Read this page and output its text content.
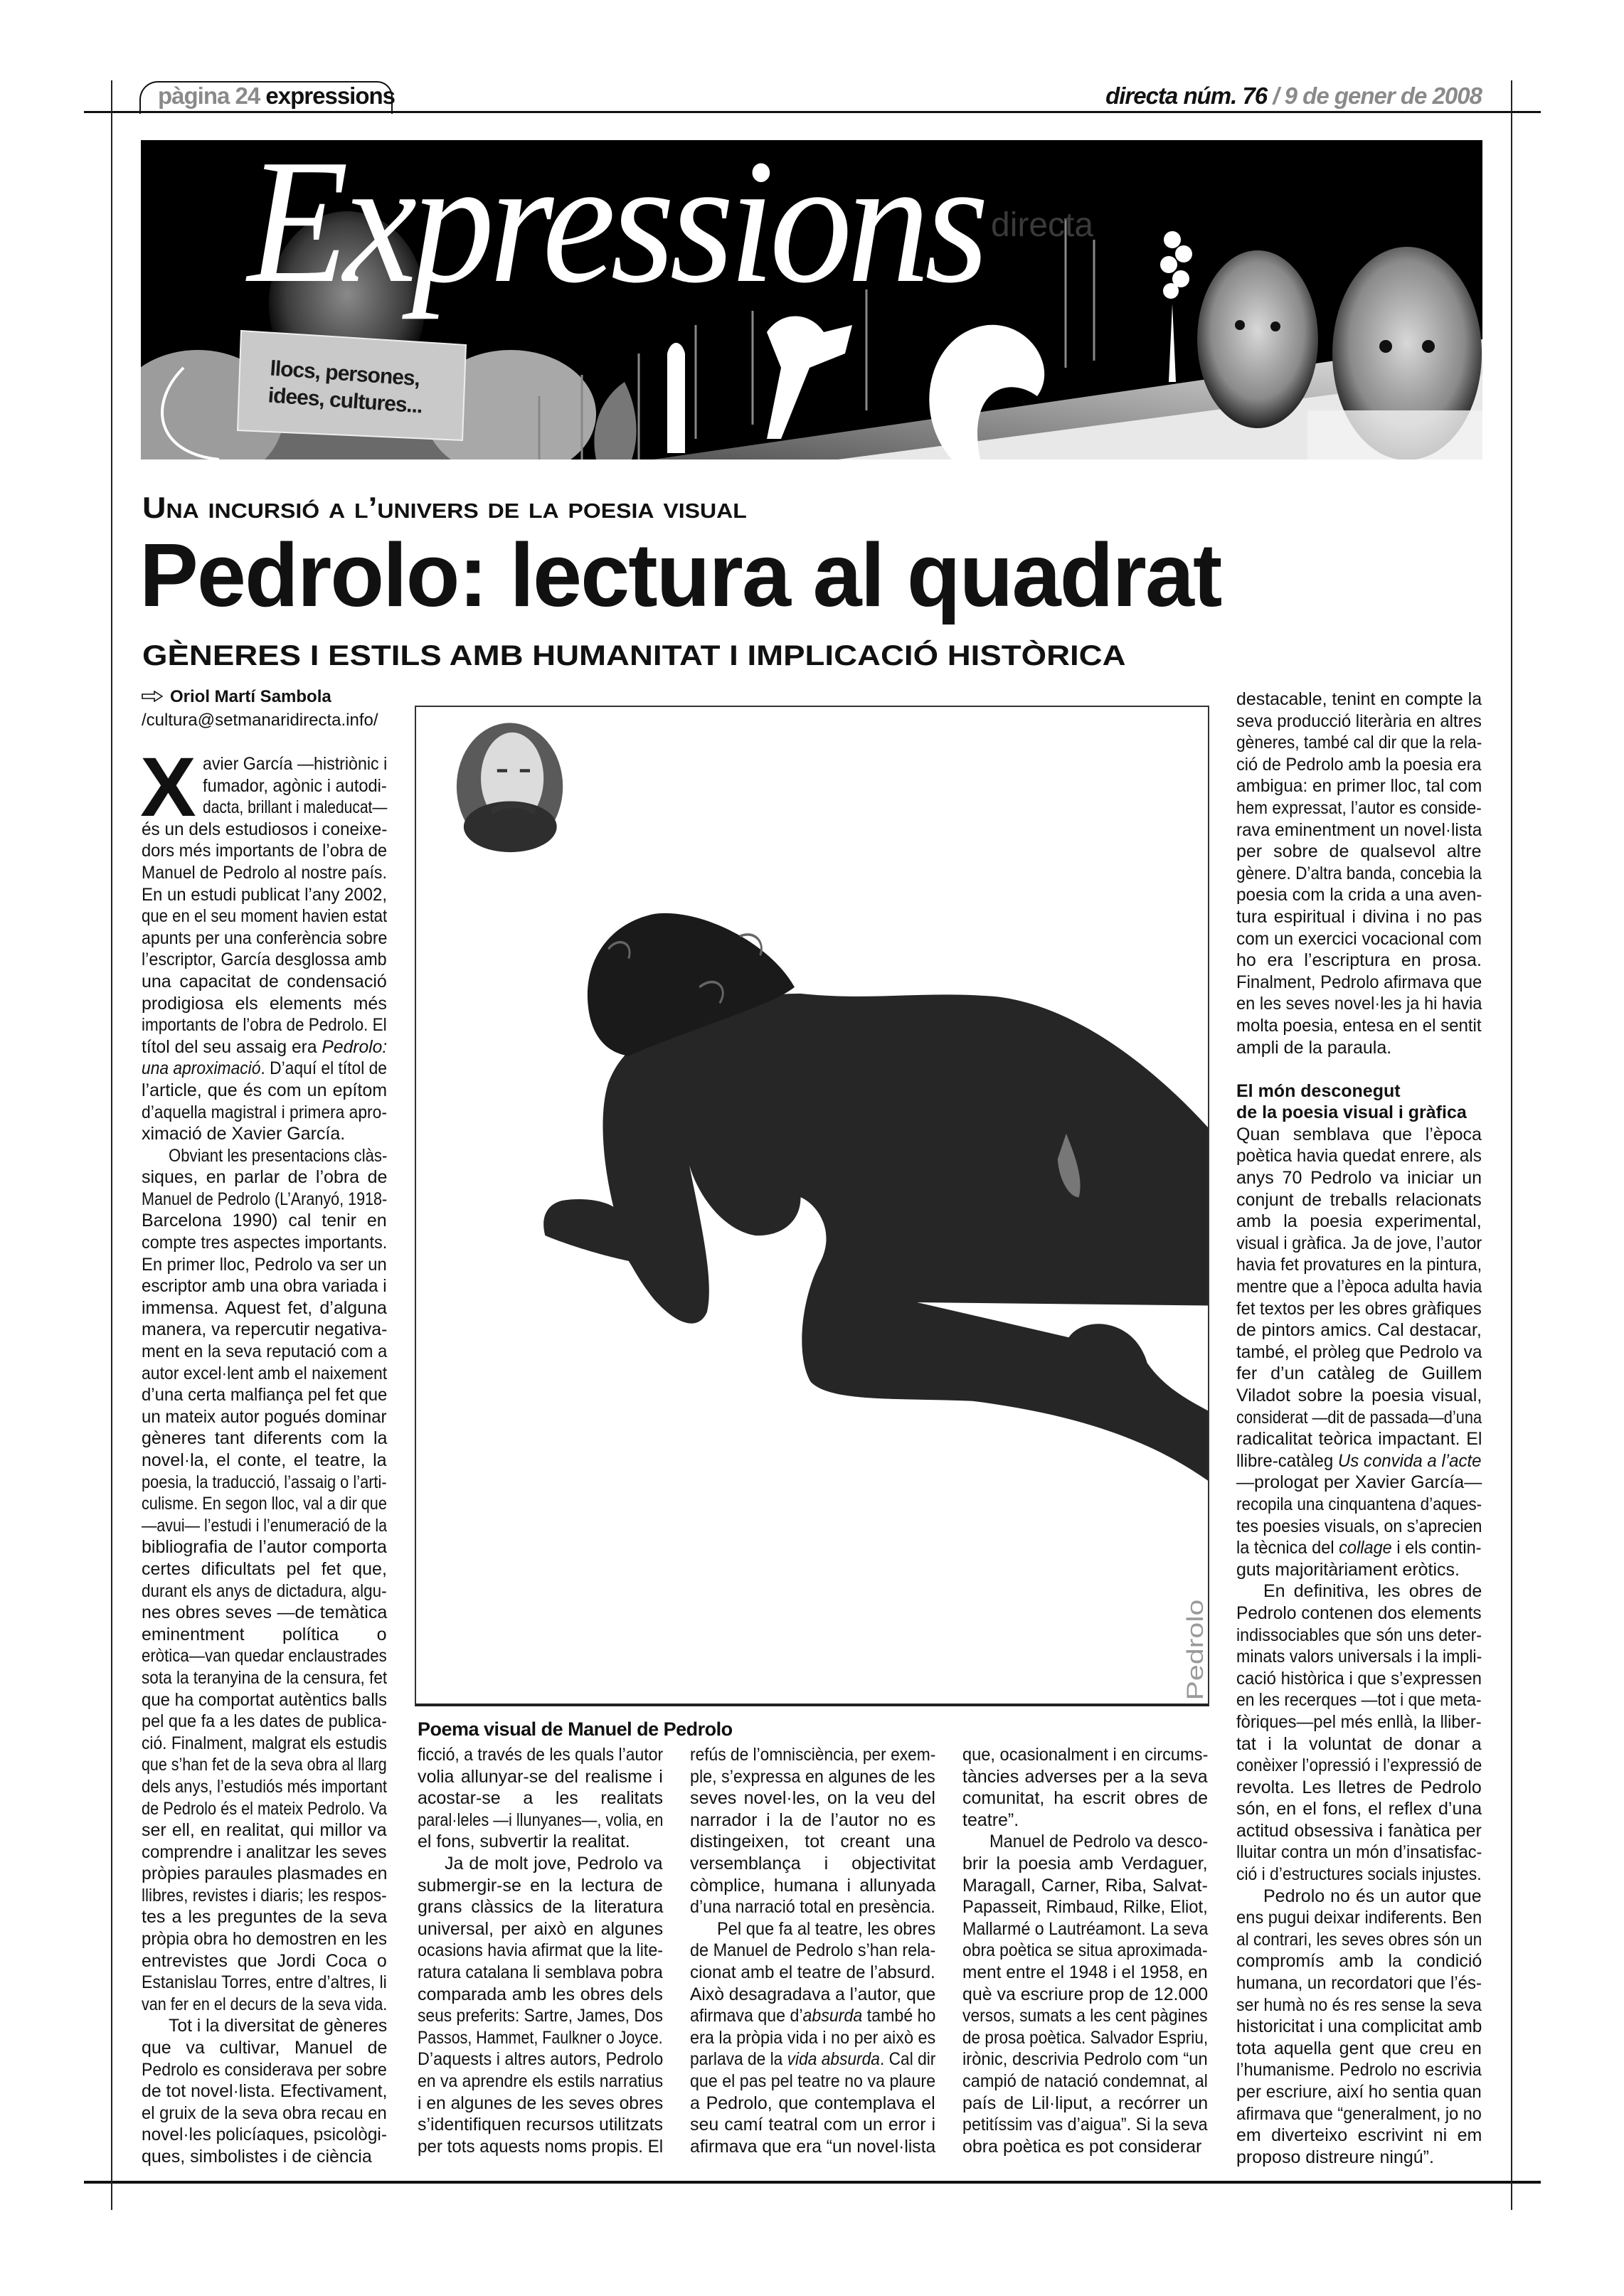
pàgina 24 expressions	directa núm. 76 / 9 de gener de 2008
Expressions directa
llocs, persones,
idees, cultures...
Una incursió a l’univers de la poesia visual
Pedrolo: lectura al quadrat
GÈNERES I ESTILS AMB HUMANITAT I IMPLICACIÓ HISTÒRICA
Oriol Martí Sambola
/cultura@setmanaridirecta.info/
X avier García —histriònic i
fumador, agònic i autodi-
dacta, brillant i maleducat—
és un dels estudiosos i coneixe-
dors més importants de l’obra de
Manuel de Pedrolo al nostre país.
En un estudi publicat l’any 2002,
que en el seu moment havien estat
apunts per una conferència sobre
l’escriptor, García desglossa amb
una capacitat de condensació
prodigiosa els elements més
importants de l’obra de Pedrolo. El
títol del seu assaig era Pedrolo:
una aproximació. D’aquí el títol de
l’article, que és com un epítom
d’aquella magistral i primera apro-
ximació de Xavier García.
Obviant les presentacions clàs-
siques, en parlar de l’obra de
Manuel de Pedrolo (L’Aranyó, 1918-
Barcelona 1990) cal tenir en
compte tres aspectes importants.
En primer lloc, Pedrolo va ser un
escriptor amb una obra variada i
immensa. Aquest fet, d’alguna
manera, va repercutir negativa-
ment en la seva reputació com a
autor excel·lent amb el naixement
d’una certa malfiança pel fet que
un mateix autor pogués dominar
gèneres tant diferents com la
novel·la, el conte, el teatre, la
poesia, la traducció, l’assaig o l’arti-
culisme. En segon lloc, val a dir que
—avui— l’estudi i l’enumeració de la
bibliografia de l’autor comporta
certes dificultats pel fet que,
durant els anys de dictadura, algu-
nes obres seves —de temàtica
eminentment política o
eròtica—van quedar enclaustrades
sota la teranyina de la censura, fet
que ha comportat autèntics balls
pel que fa a les dates de publica-
ció. Finalment, malgrat els estudis
que s’han fet de la seva obra al llarg
dels anys, l’estudiós més important
de Pedrolo és el mateix Pedrolo. Va
ser ell, en realitat, qui millor va
comprendre i analitzar les seves
pròpies paraules plasmades en
llibres, revistes i diaris; les respos-
tes a les preguntes de la seva
pròpia obra ho demostren en les
entrevistes que Jordi Coca o
Estanislau Torres, entre d’altres, li
van fer en el decurs de la seva vida.
Tot i la diversitat de gèneres
que va cultivar, Manuel de
Pedrolo es considerava per sobre
de tot novel·lista. Efectivament,
el gruix de la seva obra recau en
novel·les policíaques, psicològi-
ques, simbolistes i de ciència
ficció, a través de les quals l’autor
volia allunyar-se del realisme i
acostar-se a les realitats
paral·leles —i llunyanes—, volia, en
el fons, subvertir la realitat.
Ja de molt jove, Pedrolo va
submergir-se en la lectura de
grans clàssics de la literatura
universal, per això en algunes
ocasions havia afirmat que la lite-
ratura catalana li semblava pobra
comparada amb les obres dels
seus preferits: Sartre, James, Dos
Passos, Hammet, Faulkner o Joyce.
D’aquests i altres autors, Pedrolo
en va aprendre els estils narratius
i en algunes de les seves obres
s’identifiquen recursos utilitzats
per tots aquests noms propis. El
refús de l’omnisciència, per exem-
ple, s’expressa en algunes de les
seves novel·les, on la veu del
narrador i la de l’autor no es
distingeixen, tot creant una
versemblança i objectivitat
còmplice, humana i allunyada
d’una narració total en presència.
Pel que fa al teatre, les obres
de Manuel de Pedrolo s’han rela-
cionat amb el teatre de l’absurd.
Això desagradava a l’autor, que
afirmava que d’absurda també ho
era la pròpia vida i no per això es
parlava de la vida absurda. Cal dir
que el pas pel teatre no va plaure
a Pedrolo, que contemplava el
seu camí teatral com un error i
afirmava que era “un novel·lista
que, ocasionalment i en circums-
tàncies adverses per a la seva
comunitat, ha escrit obres de
teatre”.
Manuel de Pedrolo va desco-
brir la poesia amb Verdaguer,
Maragall, Carner, Riba, Salvat-
Papasseit, Rimbaud, Rilke, Eliot,
Mallarmé o Lautréamont. La seva
obra poètica se situa aproximada-
ment entre el 1948 i el 1958, en
què va escriure prop de 12.000
versos, sumats a les cent pàgines
de prosa poètica. Salvador Espriu,
irònic, descrivia Pedrolo com “un
campió de natació condemnat, al
país de Lil·liput, a recórrer un
petitíssim vas d’aigua”. Si la seva
obra poètica es pot considerar
destacable, tenint en compte la
seva producció literària en altres
gèneres, també cal dir que la rela-
ció de Pedrolo amb la poesia era
ambigua: en primer lloc, tal com
hem expressat, l’autor es conside-
rava eminentment un novel·lista
per sobre de qualsevol altre
gènere. D’altra banda, concebia la
poesia com la crida a una aven-
tura espiritual i divina i no pas
com un exercici vocacional com
ho era l’escriptura en prosa.
Finalment, Pedrolo afirmava que
en les seves novel·les ja hi havia
molta poesia, entesa en el sentit
ampli de la paraula.
El món desconegut
de la poesia visual i gràfica
Quan semblava que l’època
poètica havia quedat enrere, als
anys 70 Pedrolo va iniciar un
conjunt de treballs relacionats
amb la poesia experimental,
visual i gràfica. Ja de jove, l’autor
havia fet provatures en la pintura,
mentre que a l’època adulta havia
fet textos per les obres gràfiques
de pintors amics. Cal destacar,
també, el pròleg que Pedrolo va
fer d’un catàleg de Guillem
Viladot sobre la poesia visual,
considerat —dit de passada—d’una
radicalitat teòrica impactant. El
llibre-catàleg Us convida a l’acte
—prologat per Xavier García—
recopila una cinquantena d’aques-
tes poesies visuals, on s’aprecien
la tècnica del collage i els contin-
guts majoritàriament eròtics.
En definitiva, les obres de
Pedrolo contenen dos elements
indissociables que són uns deter-
minats valors universals i la impli-
cació històrica i que s’expressen
en les recerques —tot i que meta-
fòriques—pel més enllà, la lliber-
tat i la voluntat de donar a
conèixer l’opressió i l’expressió de
revolta. Les lletres de Pedrolo
són, en el fons, el reflex d’una
actitud obsessiva i fanàtica per
lluitar contra un món d’insatisfac-
ció i d’estructures socials injustes.
Pedrolo no és un autor que
ens pugui deixar indiferents. Ben
al contrari, les seves obres són un
compromís amb la condició
humana, un recordatori que l’és-
ser humà no és res sense la seva
historicitat i una complicitat amb
tota aquella gent que creu en
l’humanisme. Pedrolo no escrivia
per escriure, així ho sentia quan
afirmava que “generalment, jo no
em diverteixo escrivint ni em
proposo distreure ningú”.
Pedrolo
Poema visual de Manuel de Pedrolo
